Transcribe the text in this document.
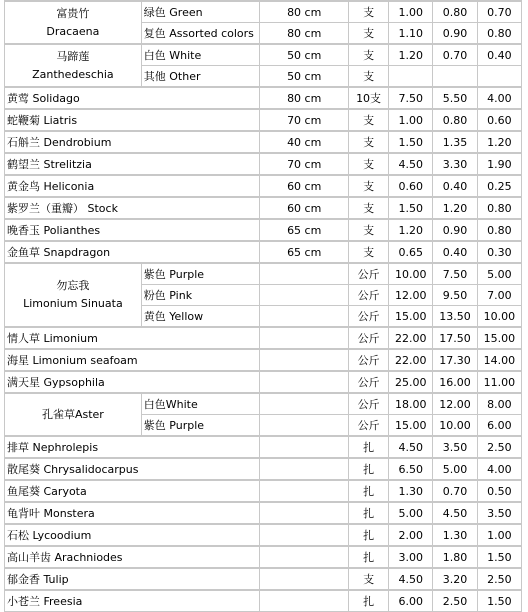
富贵竹
Dracaena	绿色 Green	80 cm	支	1.00	0.80	0.70
	复色 Assorted colors	80 cm	支	1.10	0.90	0.80
马蹄莲
Zanthedeschia	白色 White	50 cm	支	1.20	0.70	0.40
	其他 Other	50 cm	支			
黄莺 Solidago		80 cm	10支	7.50	5.50	4.00
蛇鞭菊 Liatris		70 cm	支	1.00	0.80	0.60
石斛兰 Dendrobium		40 cm	支	1.50	1.35	1.20
鹤望兰 Strelitzia		70 cm	支	4.50	3.30	1.90
黄金鸟 Heliconia		60 cm	支	0.60	0.40	0.25
紫罗兰（重瓣） Stock		60 cm	支	1.50	1.20	0.80
晚香玉 Polianthes		65 cm	支	1.20	0.90	0.80
金鱼草 Snapdragon		65 cm	支	0.65	0.40	0.30
勿忘我
Limonium Sinuata	紫色 Purple		公斤	10.00	7.50	5.00
	粉色 Pink		公斤	12.00	9.50	7.00
	黄色 Yellow		公斤	15.00	13.50	10.00
情人草 Limonium			公斤	22.00	17.50	15.00
海星 Limonium seafoam			公斤	22.00	17.30	14.00
满天星 Gypsophila			公斤	25.00	16.00	11.00
孔雀草Aster	白色White		公斤	18.00	12.00	8.00
	紫色 Purple		公斤	15.00	10.00	6.00
排草 Nephrolepis			扎	4.50	3.50	2.50
散尾葵 Chrysalidocarpus			扎	6.50	5.00	4.00
鱼尾葵 Caryota			扎	1.30	0.70	0.50
龟背叶 Monstera			扎	5.00	4.50	3.50
石松 Lycoodium			扎	2.00	1.30	1.00
高山羊齿 Arachniodes			扎	3.00	1.80	1.50
郁金香 Tulip			支	4.50	3.20	2.50
小苍兰 Freesia			扎	6.00	2.50	1.50
